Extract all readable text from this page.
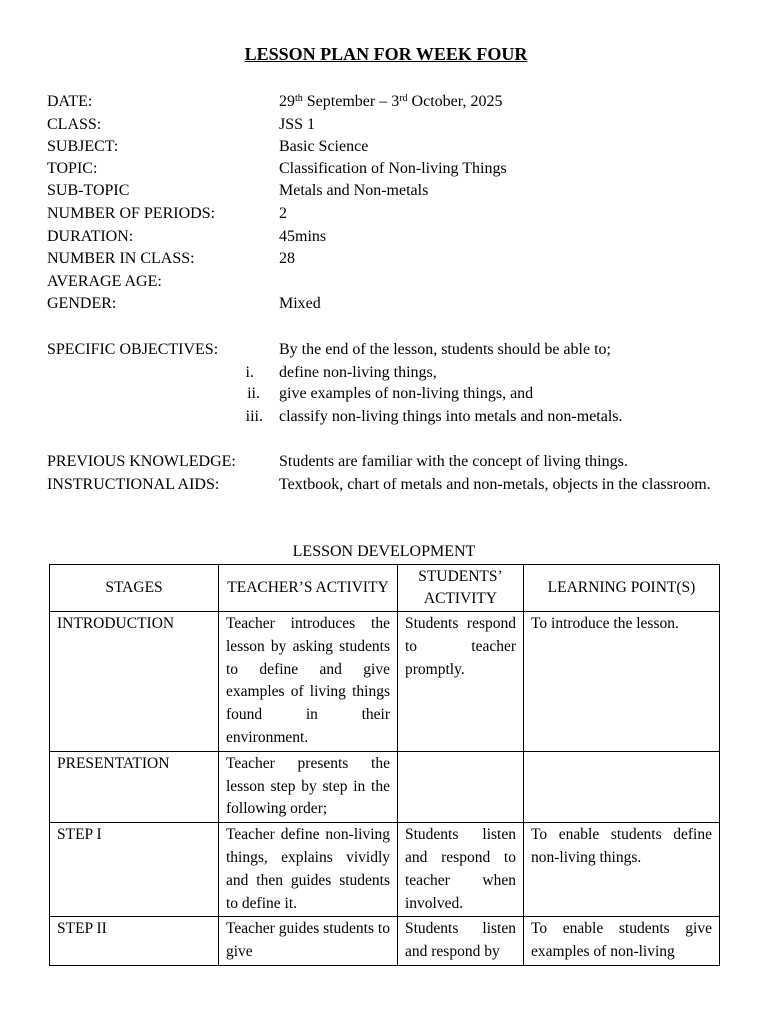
LESSON PLAN FOR WEEK FOUR
DATE:	29th September – 3rd October, 2025
CLASS:	JSS 1
SUBJECT:	Basic Science
TOPIC:	Classification of Non-living Things
SUB-TOPIC	Metals and Non-metals
NUMBER OF PERIODS:	2
DURATION:	45mins
NUMBER IN CLASS:	28
AVERAGE AGE:
GENDER:	Mixed
SPECIFIC OBJECTIVES:	By the end of the lesson, students should be able to;
i. define non-living things,
ii. give examples of non-living things, and
iii. classify non-living things into metals and non-metals.
PREVIOUS KNOWLEDGE:	Students are familiar with the concept of living things.
INSTRUCTIONAL AIDS:	Textbook, chart of metals and non-metals, objects in the classroom.
LESSON DEVELOPMENT
STAGES	TEACHER’S ACTIVITY	STUDENTS’ ACTIVITY	LEARNING POINT(S)
INTRODUCTION	Teacher introduces the lesson by asking students to define and give examples of living things found in their environment.	Students respond to teacher promptly.	To introduce the lesson.
PRESENTATION	Teacher presents the lesson step by step in the following order;		
STEP I	Teacher define non-living things, explains vividly and then guides students to define it.	Students listen and respond to teacher when involved.	To enable students define non-living things.
STEP II	Teacher guides students to give	Students listen and respond by	To enable students give examples of non-living
